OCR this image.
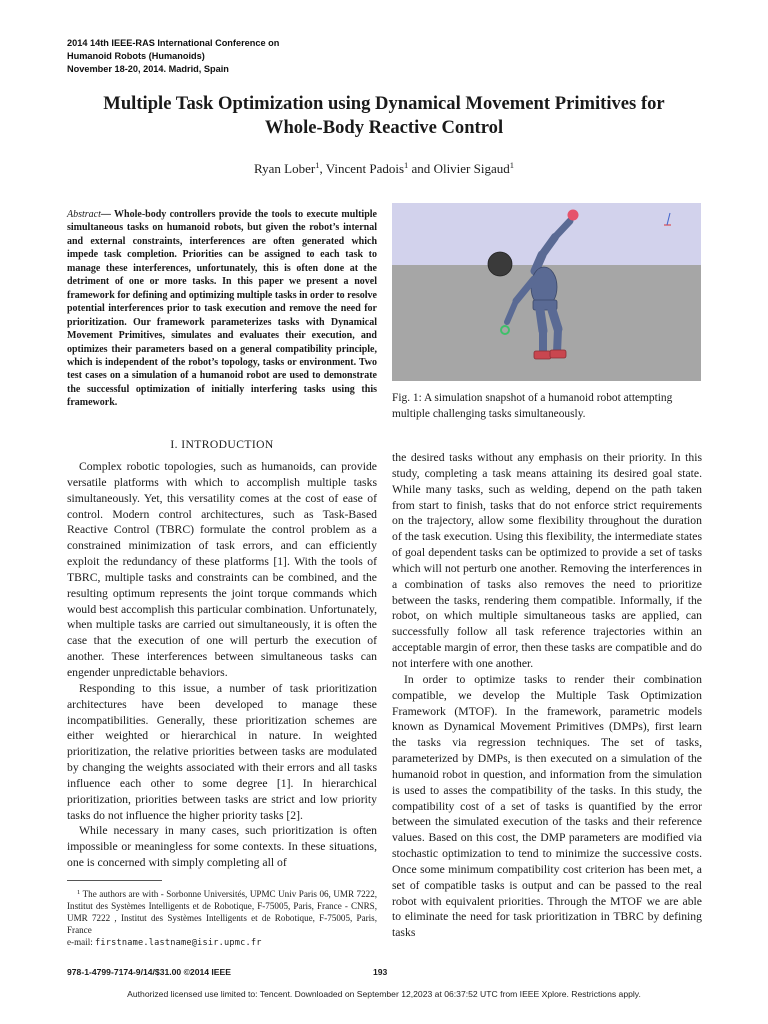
2014 14th IEEE-RAS International Conference on
Humanoid Robots (Humanoids)
November 18-20, 2014. Madrid, Spain
Multiple Task Optimization using Dynamical Movement Primitives for
Whole-Body Reactive Control
Ryan Lober$^1$, Vincent Padois$^1$ and Olivier Sigaud$^1$

Abstract— Whole-body controllers provide the tools to execute multiple simultaneous tasks on humanoid robots, but given the robot’s internal and external constraints, interferences are often generated which impede task completion. Priorities can be assigned to each task to manage these interferences, unfortunately, this is often done at the detriment of one or more tasks. In this paper we present a novel framework for defining and optimizing multiple tasks in order to resolve potential interferences prior to task execution and remove the need for prioritization. Our framework parameterizes tasks with Dynamical Movement Primitives, simulates and evaluates their execution, and optimizes their parameters based on a general compatibility principle, which is independent of the robot’s topology, tasks or environment. Two test cases on a simulation of a humanoid robot are used to demonstrate the successful optimization of initially interfering tasks using this framework.

I. INTRODUCTION

Complex robotic topologies, such as humanoids, can provide versatile platforms with which to accomplish multiple tasks simultaneously. Yet, this versatility comes at the cost of ease of control. Modern control architectures, such as Task-Based Reactive Control (TBRC) formulate the control problem as a constrained minimization of task errors, and can efficiently exploit the redundancy of these platforms [1]. With the tools of TBRC, multiple tasks and constraints can be combined, and the resulting optimum represents the joint torque commands which would best accomplish this particular combination. Unfortunately, when multiple tasks are carried out simultaneously, it is often the case that the execution of one will perturb the execution of another. These interferences between simultaneous tasks can engender unpredictable behaviors.

Responding to this issue, a number of task prioritization architectures have been developed to manage these incompatibilities. Generally, these prioritization schemes are either weighted or hierarchical in nature. In weighted prioritization, the relative priorities between tasks are modulated by changing the weights associated with their errors and all tasks influence each other to some degree [1]. In hierarchical prioritization, priorities between tasks are strict and low priority tasks do not influence the higher priority tasks [2].

While necessary in many cases, such prioritization is often impossible or meaningless for some contexts. In these situations, one is concerned with simply completing all of

$^1$ The authors are with - Sorbonne Universités, UPMC Univ Paris 06, UMR 7222, Institut des Systèmes Intelligents et de Robotique, F-75005, Paris, France - CNRS, UMR 7222 , Institut des Systèmes Intelligents et de Robotique, F-75005, Paris, France

e-mail: firstname.lastname@isir.upmc.fr
Fig. 1: A simulation snapshot of a humanoid robot attempting multiple challenging tasks simultaneously.

the desired tasks without any emphasis on their priority. In this study, completing a task means attaining its desired goal state. While many tasks, such as welding, depend on the path taken from start to finish, tasks that do not enforce strict requirements on the trajectory, allow some flexibility throughout the duration of the task execution. Using this flexibility, the intermediate states of goal dependent tasks can be optimized to provide a set of tasks which will not perturb one another. Removing the interferences in a combination of tasks also removes the need to prioritize between the tasks, rendering them compatible. Informally, if the robot, on which multiple simultaneous tasks are applied, can successfully follow all task reference trajectories within an acceptable margin of error, then these tasks are compatible and do not interfere with one another.

In order to optimize tasks to render their combination compatible, we develop the Multiple Task Optimization Framework (MTOF). In the framework, parametric models known as Dynamical Movement Primitives (DMPs), first learn the tasks via regression techniques. The set of tasks, parameterized by DMPs, is then executed on a simulation of the humanoid robot in question, and information from the simulation is used to asses the compatibility of the tasks. In this study, the compatibility cost of a set of tasks is quantified by the error between the simulated execution of the tasks and their reference values. Based on this cost, the DMP parameters are modified via stochastic optimization to tend to minimize the successive costs. Once some minimum compatibility cost criterion has been met, a set of compatible tasks is output and can be passed to the real robot with equivalent priorities. Through the MTOF we are able to eliminate the need for task prioritization in TBRC by defining tasks

978-1-4799-7174-9/14/$31.00 ©2014 IEEE	193
Authorized licensed use limited to: Tencent. Downloaded on September 12,2023 at 06:37:52 UTC from IEEE Xplore. Restrictions apply.
